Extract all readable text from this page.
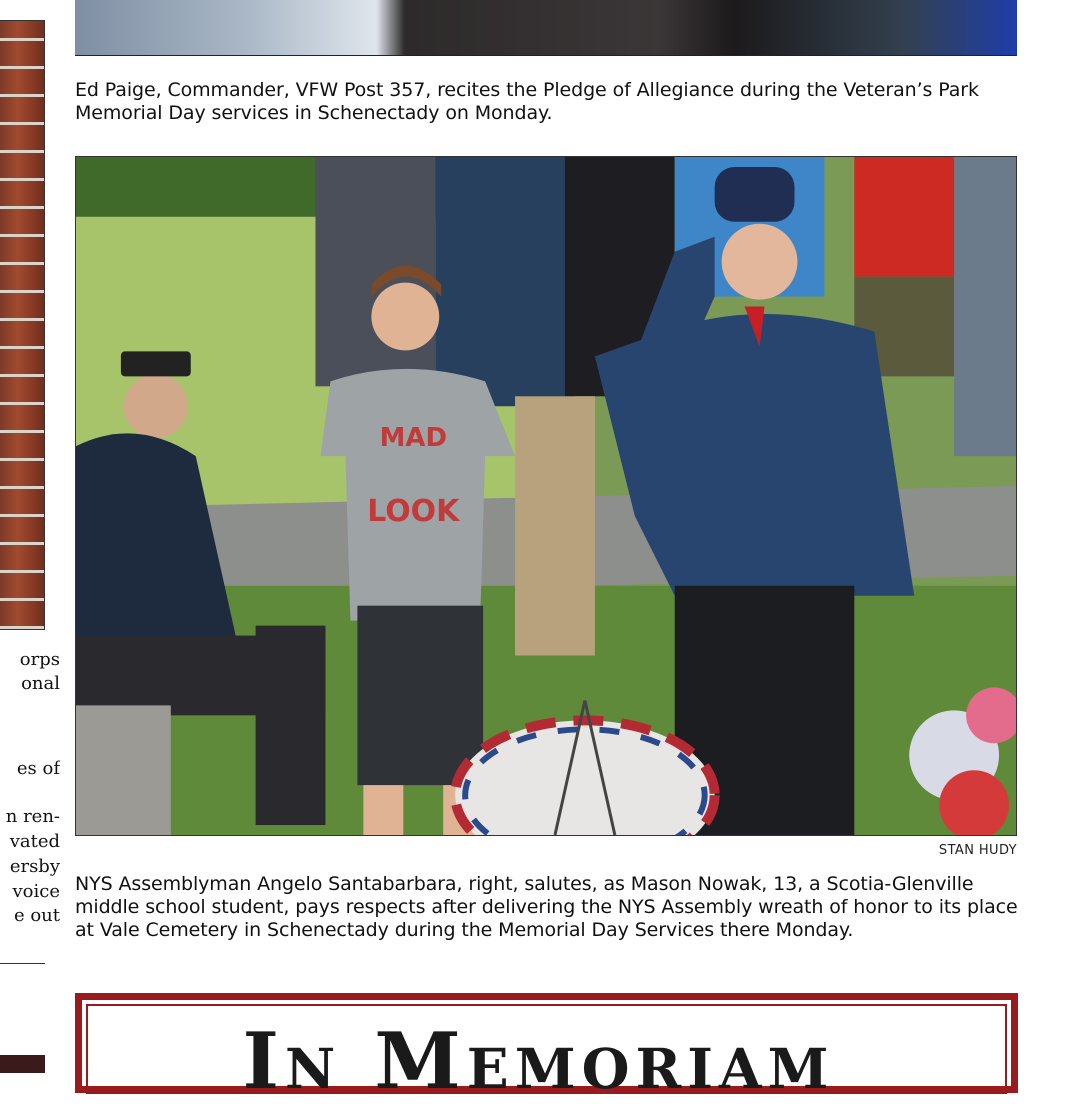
Ed Paige, Commander, VFW Post 357, recites the Pledge of Allegiance during the Veteran’s Park Memorial Day services in Schenectady on Monday.
MAD
LOOK
STAN HUDY
NYS Assemblyman Angelo Santabarbara, right, salutes, as Mason Nowak, 13, a Scotia-Glenville middle school student, pays respects after delivering the NYS Assembly wreath of honor to its place at Vale Cemetery in Schenectady during the Memorial Day Services there Monday.
orps
onal
es of
n ren-
vated
ersby
voice
e out
In Memoriam
